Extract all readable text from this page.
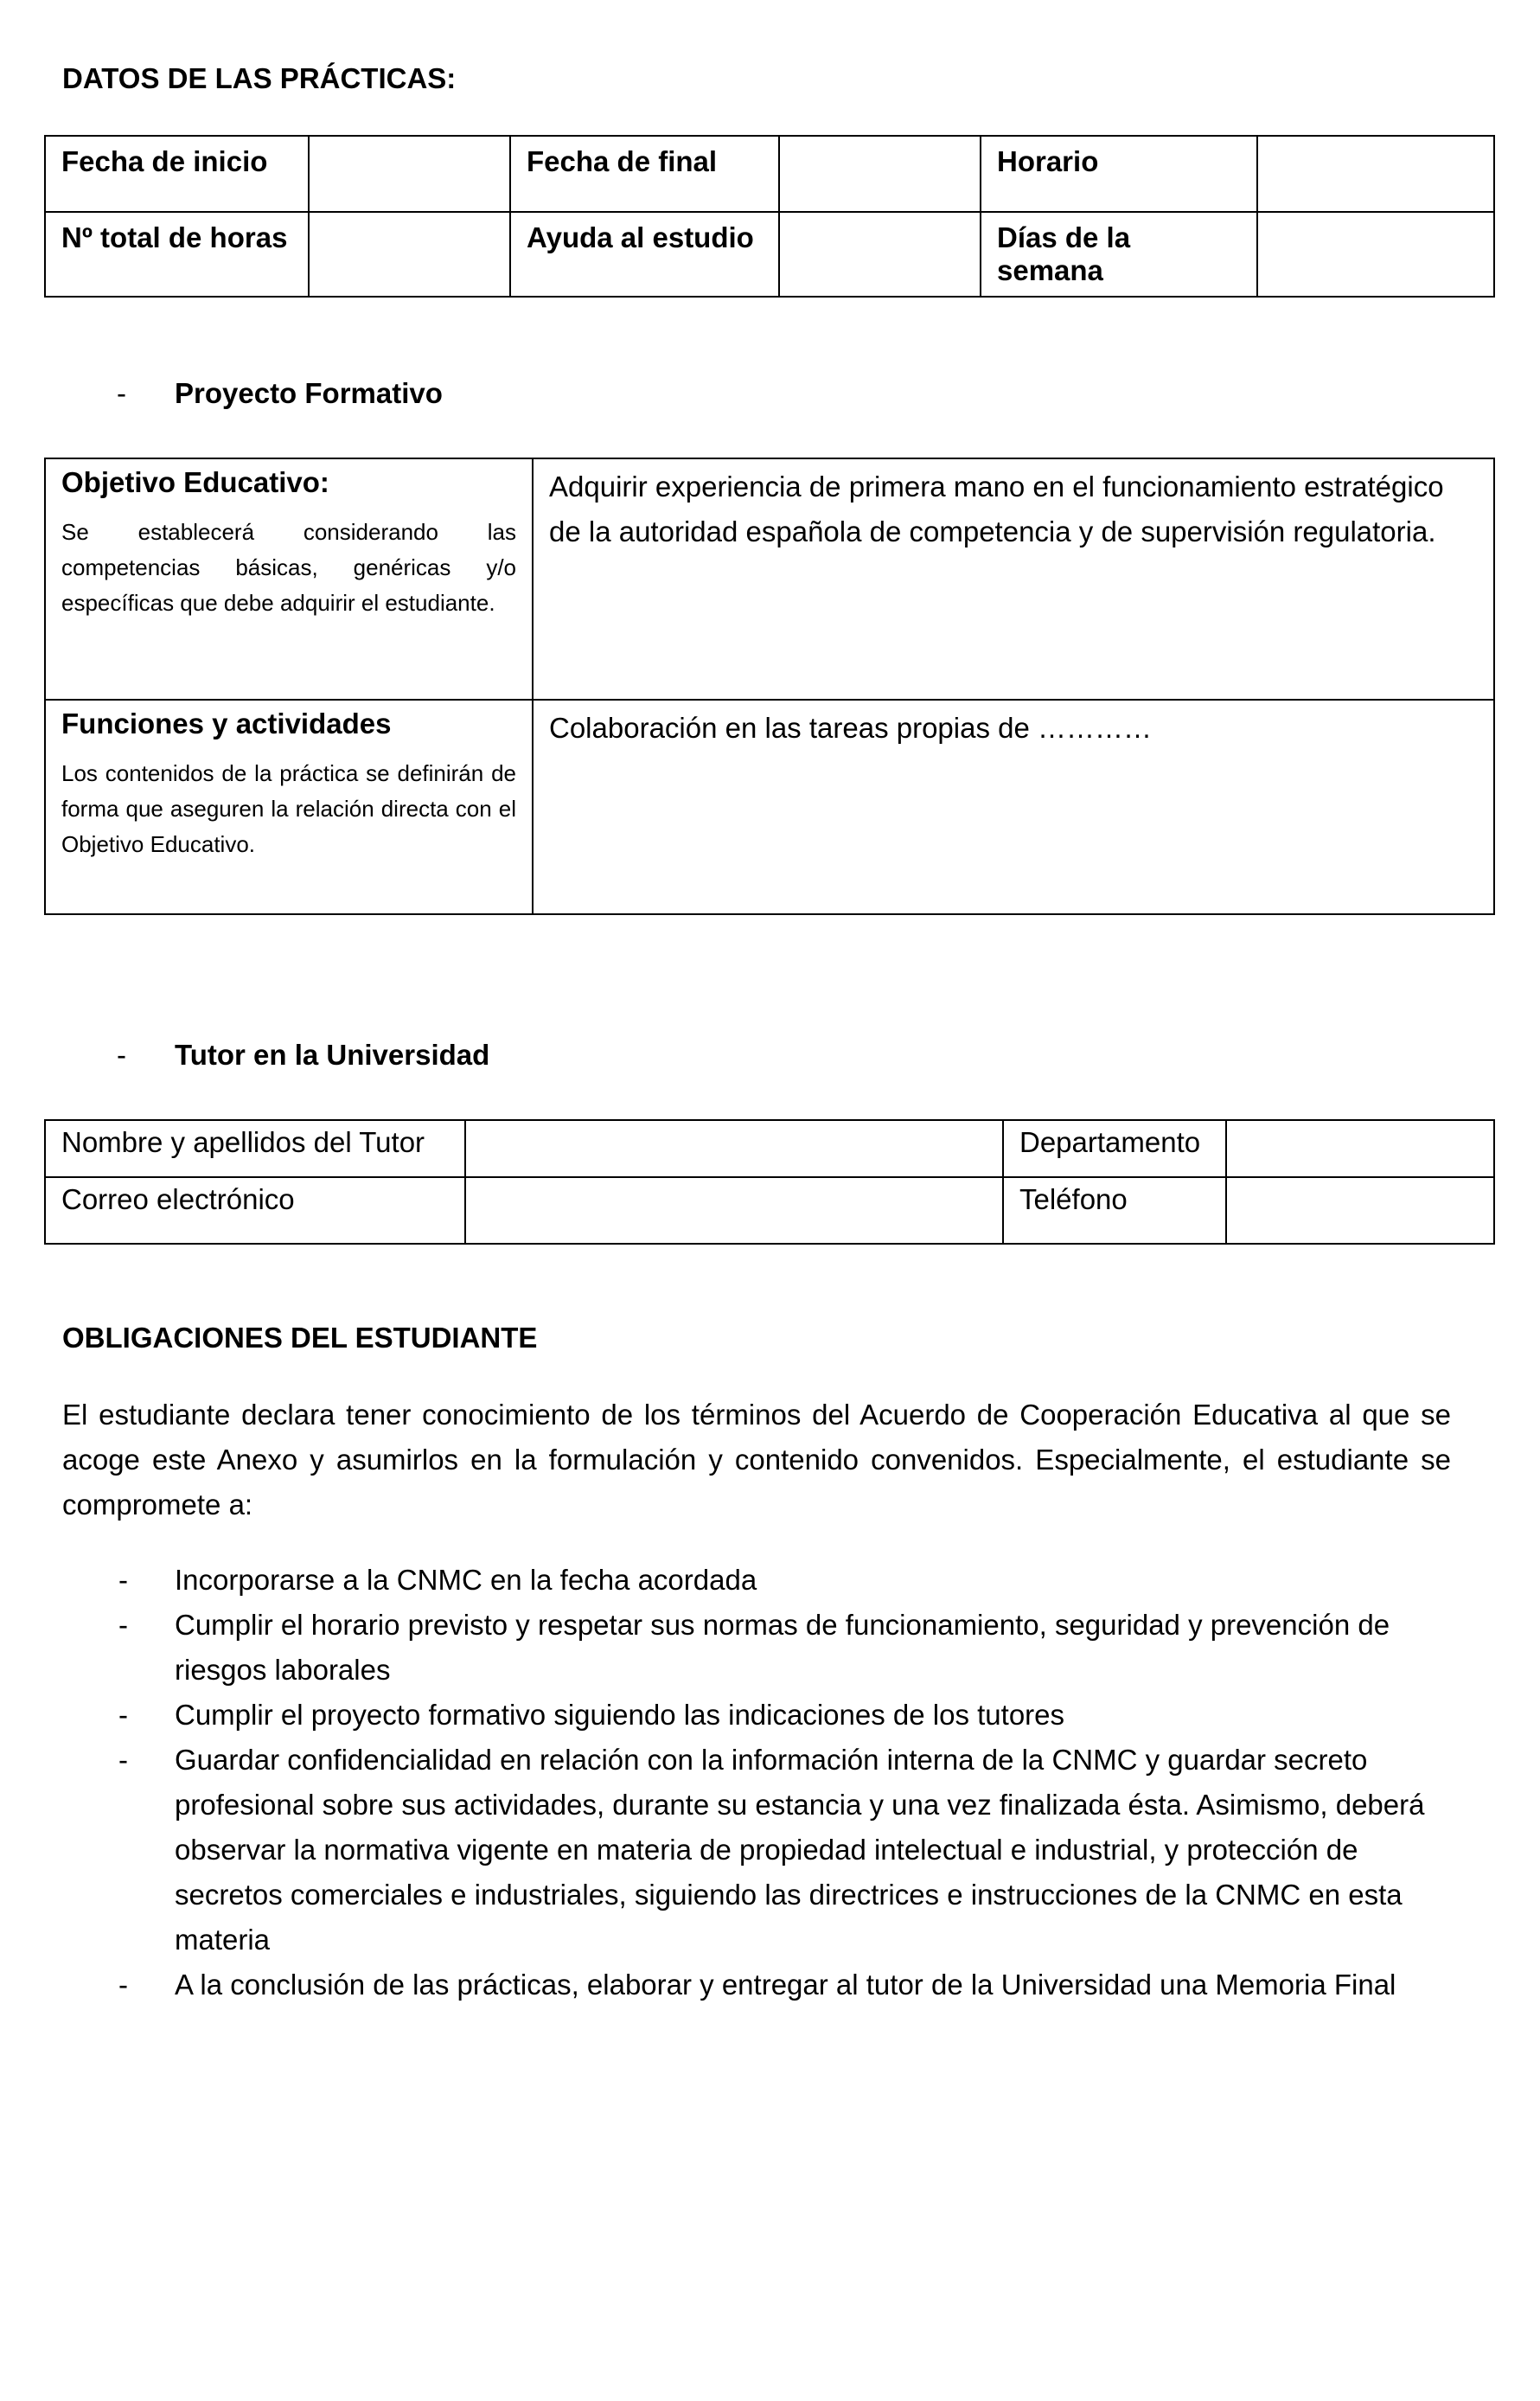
DATOS DE LAS PRÁCTICAS:
Fecha de inicio		Fecha de final		Horario	

Nº total de horas		Ayuda al estudio		Días de la semana	

- Proyecto Formativo
Objetivo Educativo:
Se establecerá considerando las competencias básicas, genéricas y/o específicas que debe adquirir el estudiante.	Adquirir experiencia de primera mano en el funcionamiento estratégico de la autoridad española de competencia y de supervisión regulatoria.

Funciones y actividades
Los contenidos de la práctica se definirán de forma que aseguren la relación directa con el Objetivo Educativo.	Colaboración en las tareas propias de …………
- Tutor en la Universidad
Nombre y apellidos del Tutor		Departamento	

Correo electrónico		Teléfono	

OBLIGACIONES DEL ESTUDIANTE
El estudiante declara tener conocimiento de los términos del Acuerdo de Cooperación Educativa al que se acoge este Anexo y asumirlos en la formulación y contenido convenidos. Especialmente, el estudiante se compromete a:
- Incorporarse a la CNMC en la fecha acordada
- Cumplir el horario previsto y respetar sus normas de funcionamiento, seguridad y prevención de riesgos laborales
- Cumplir el proyecto formativo siguiendo las indicaciones de los tutores
- Guardar confidencialidad en relación con la información interna de la CNMC y guardar secreto profesional sobre sus actividades, durante su estancia y una vez finalizada ésta. Asimismo, deberá observar la normativa vigente en materia de propiedad intelectual e industrial, y protección de secretos comerciales e industriales, siguiendo las directrices e instrucciones de la CNMC en esta materia
- A la conclusión de las prácticas, elaborar y entregar al tutor de la Universidad una Memoria Final
